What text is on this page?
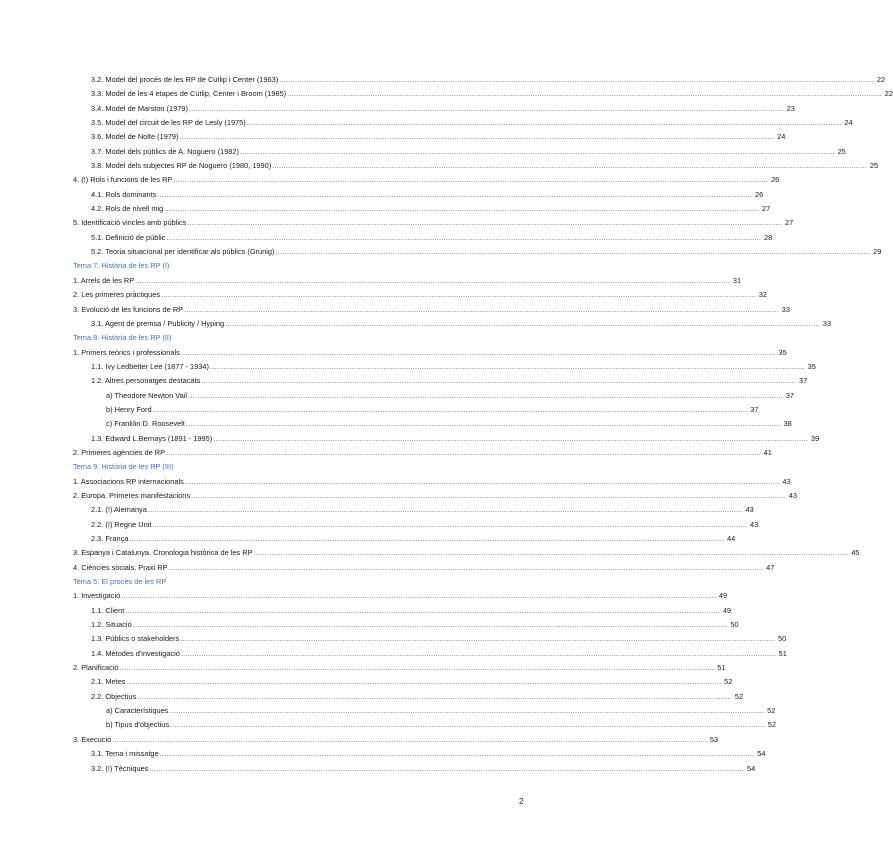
3.2. Model del procés de les RP de Cutlip i Center (1963) .....	22
3.3. Model de les 4 etapes de Cutlip, Center i Broom (1985) .....	22
3.4. Model de Marston (1979) .....	23
3.5. Model del circuit de les RP de Lesly (1975) .....	24
3.6. Model de Nolte (1979) .....	24
3.7. Model dels públics de A. Noguero (1982) .....	25
3.8. Model dels subjectes RP de Noguero (1980, 1990) .....	25
4. (!) Rols i funcions de les RP .....	26
4.1. Rols dominants .....	26
4.2. Rols de nivell mig .....	27
5. Identificació vincles amb públics .....	27
5.1. Definició de públic .....	28
5.2. Teoria situacional per identificar als públics (Grunig) .....	29
Tema 7. Història de les RP (I)
1. Arrels de les RP .....	31
2. Les primeres pràctiques .....	32
3. Evolució de les funcions de RP .....	33
3.1. Agent de premsa / Publicity / Hyping .....	33
Tema 8. Història de les RP (II)
1. Primers teòrics i professionals .....	35
1.1. Ivy Ledbetter Lee (1877 - 1934) .....	35
1.2. Altres personatges destacats .....	37
a) Theodore Newton Vail .....	37
b) Henry Ford .....	37
c) Franklin D. Roosevelt .....	38
1.3. Edward L.Bernays (1891 - 1995) .....	39
2. Primeres agències de RP .....	41
Tema 9. Història de les RP (III)
1. Associacions RP internacionals .....	43
2. Europa. Primeres manifestacions .....	43
2.1. (!) Alemanya .....	43
2.2. (!) Regne Unit .....	43
2.3. França .....	44
3. Espanya i Catalunya. Cronologia històrica de les RP .....	45
4. Ciències socials. Praxi RP .....	47
Tema 5. El procés de les RP
1. Investigació .....	49
1.1. Client .....	49
1.2. Situació .....	50
1.3. Públics o stakeholders .....	50
1.4. Mètodes d'investigació .....	51
2. Planificació .....	51
2.1. Metes .....	52
2.2. Objectius .....	52
a) Característiques .....	52
b) Tipus d'objectius .....	52
3. Execució .....	53
3.1. Tema i missatge .....	54
3.2. (!) Tècniques .....	54
2
